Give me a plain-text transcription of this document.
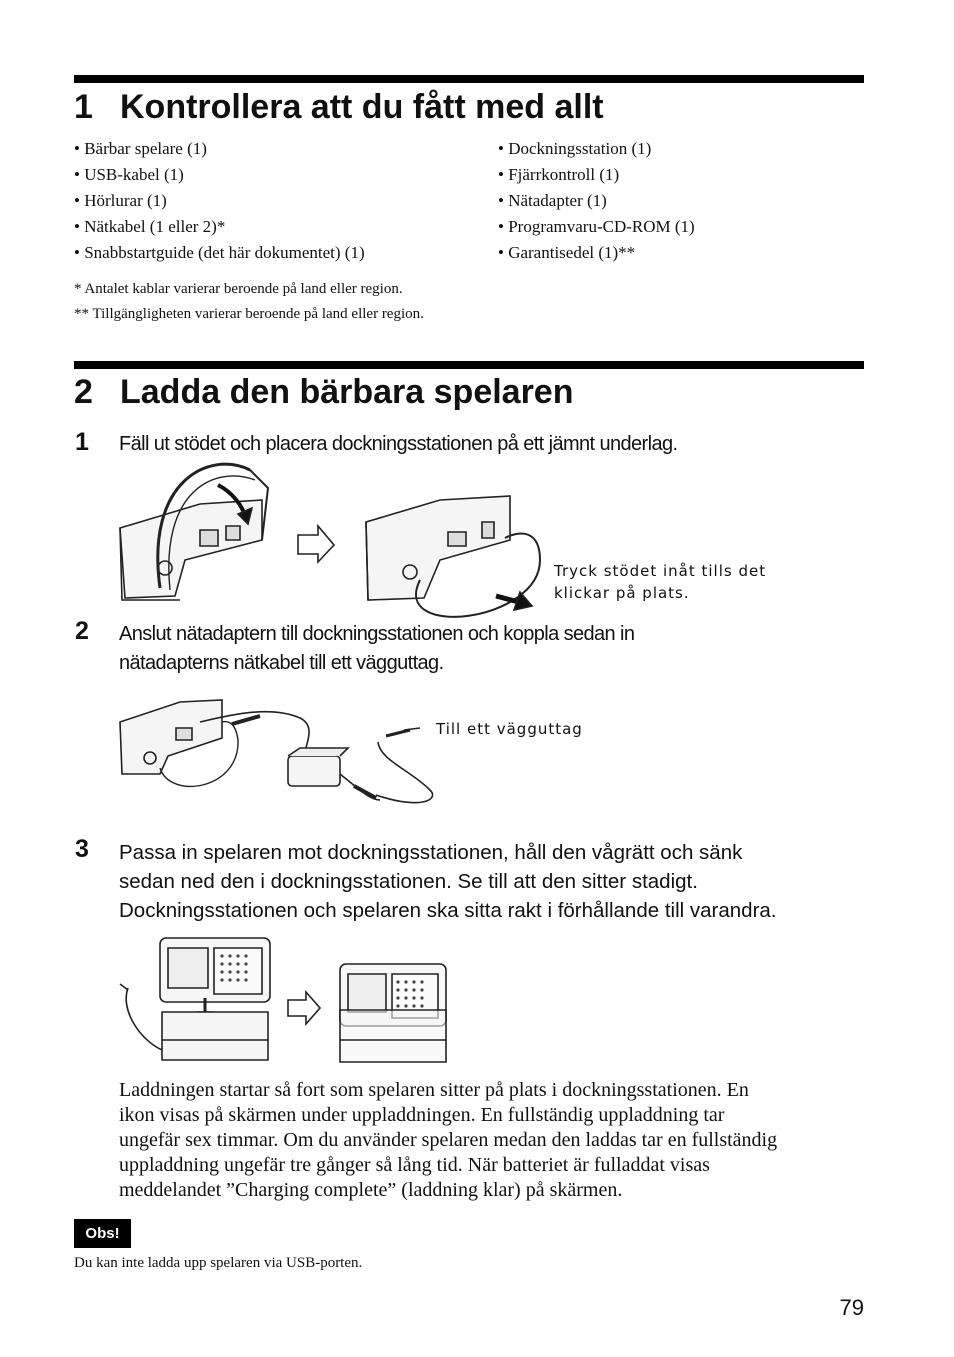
1 Kontrollera att du fått med allt
• Bärbar spelare (1)
• USB-kabel (1)
• Hörlurar (1)
• Nätkabel (1 eller 2)*
• Snabbstartguide (det här dokumentet) (1)
• Dockningsstation (1)
• Fjärrkontroll (1)
• Nätadapter (1)
• Programvaru-CD-ROM (1)
• Garantisedel (1)**
* Antalet kablar varierar beroende på land eller region.
** Tillgängligheten varierar beroende på land eller region.
2 Ladda den bärbara spelaren
1 Fäll ut stödet och placera dockningsstationen på ett jämnt underlag.
Tryck stödet inåt tills det
klickar på plats.
2 Anslut nätadaptern till dockningsstationen och koppla sedan in
nätadapterns nätkabel till ett vägguttag.
Till ett vägguttag
3 Passa in spelaren mot dockningsstationen, håll den vågrätt och sänk
sedan ned den i dockningsstationen. Se till att den sitter stadigt.
Dockningsstationen och spelaren ska sitta rakt i förhållande till varandra.
Laddningen startar så fort som spelaren sitter på plats i dockningsstationen. En
ikon visas på skärmen under uppladdningen. En fullständig uppladdning tar
ungefär sex timmar. Om du använder spelaren medan den laddas tar en fullständig
uppladdning ungefär tre gånger så lång tid. När batteriet är fulladdat visas
meddelandet ”Charging complete” (laddning klar) på skärmen.
Obs!
Du kan inte ladda upp spelaren via USB-porten.
79
